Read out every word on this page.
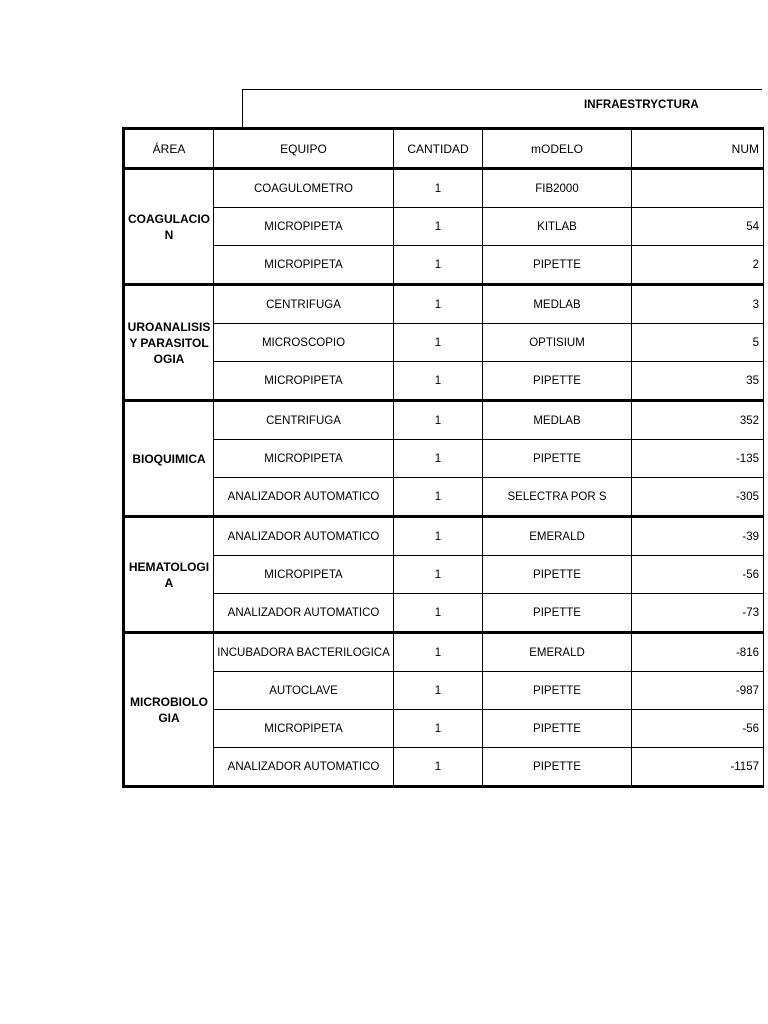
INFRAESTRYCTURA
ÁREA	EQUIPO	CANTIDAD	mODELO	NUM
COAGULACION	COAGULOMETRO	1	FIB2000	
	MICROPIPETA	1	KITLAB	54
	MICROPIPETA	1	PIPETTE	2
UROANALISIS Y PARASITOLOGIA	CENTRIFUGA	1	MEDLAB	3
	MICROSCOPIO	1	OPTISIUM	5
	MICROPIPETA	1	PIPETTE	35
BIOQUIMICA	CENTRIFUGA	1	MEDLAB	352
	MICROPIPETA	1	PIPETTE	-135
	ANALIZADOR AUTOMATICO	1	SELECTRA POR S	-305
HEMATOLOGIA	ANALIZADOR AUTOMATICO	1	EMERALD	-39
	MICROPIPETA	1	PIPETTE	-56
	ANALIZADOR AUTOMATICO	1	PIPETTE	-73
MICROBIOLOGIA	INCUBADORA BACTERILOGICA	1	EMERALD	-816
	AUTOCLAVE	1	PIPETTE	-987
	MICROPIPETA	1	PIPETTE	-56
	ANALIZADOR AUTOMATICO	1	PIPETTE	-1157
